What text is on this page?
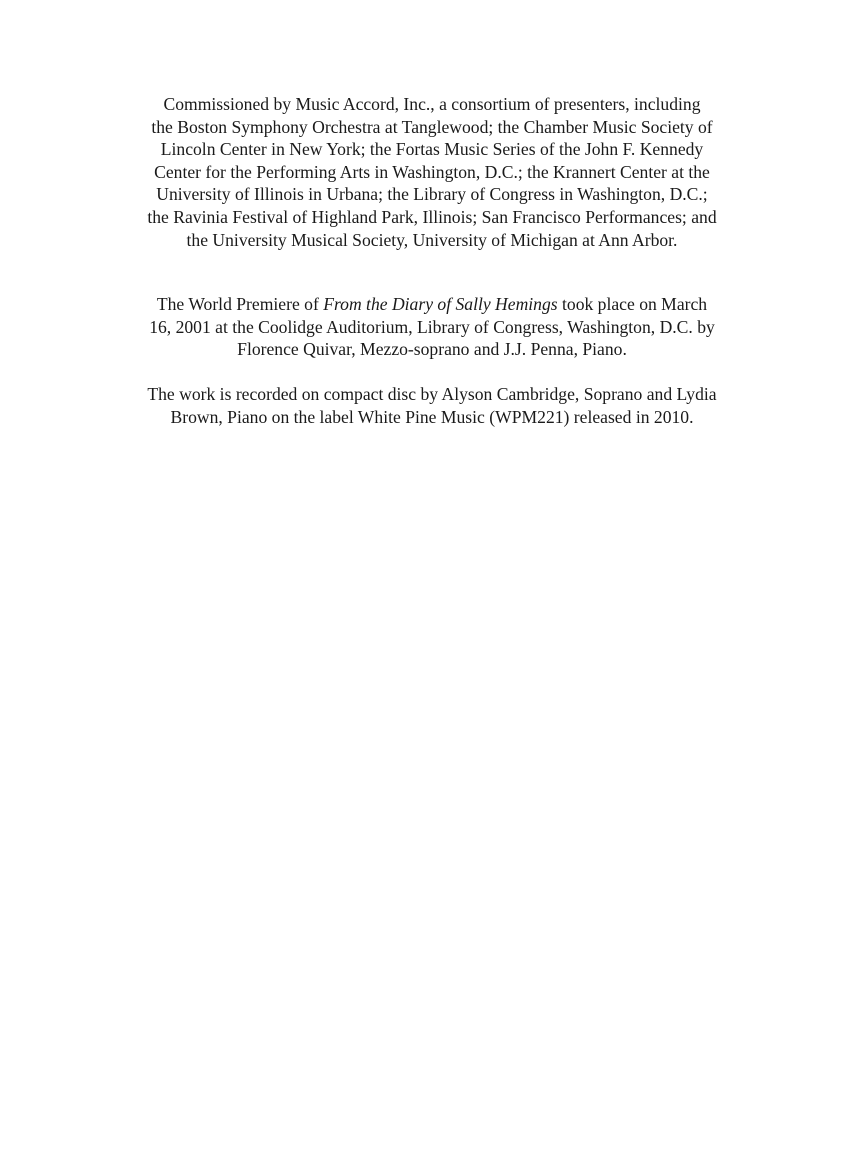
Commissioned by Music Accord, Inc., a consortium of presenters, including
the Boston Symphony Orchestra at Tanglewood; the Chamber Music Society of
Lincoln Center in New York; the Fortas Music Series of the John F. Kennedy
Center for the Performing Arts in Washington, D.C.; the Krannert Center at the
University of Illinois in Urbana; the Library of Congress in Washington, D.C.;
the Ravinia Festival of Highland Park, Illinois; San Francisco Performances; and
the University Musical Society, University of Michigan at Ann Arbor.

The World Premiere of From the Diary of Sally Hemings took place on March
16, 2001 at the Coolidge Auditorium, Library of Congress, Washington, D.C. by
Florence Quivar, Mezzo-soprano and J.J. Penna, Piano.

The work is recorded on compact disc by Alyson Cambridge, Soprano and Lydia
Brown, Piano on the label White Pine Music (WPM221) released in 2010.
